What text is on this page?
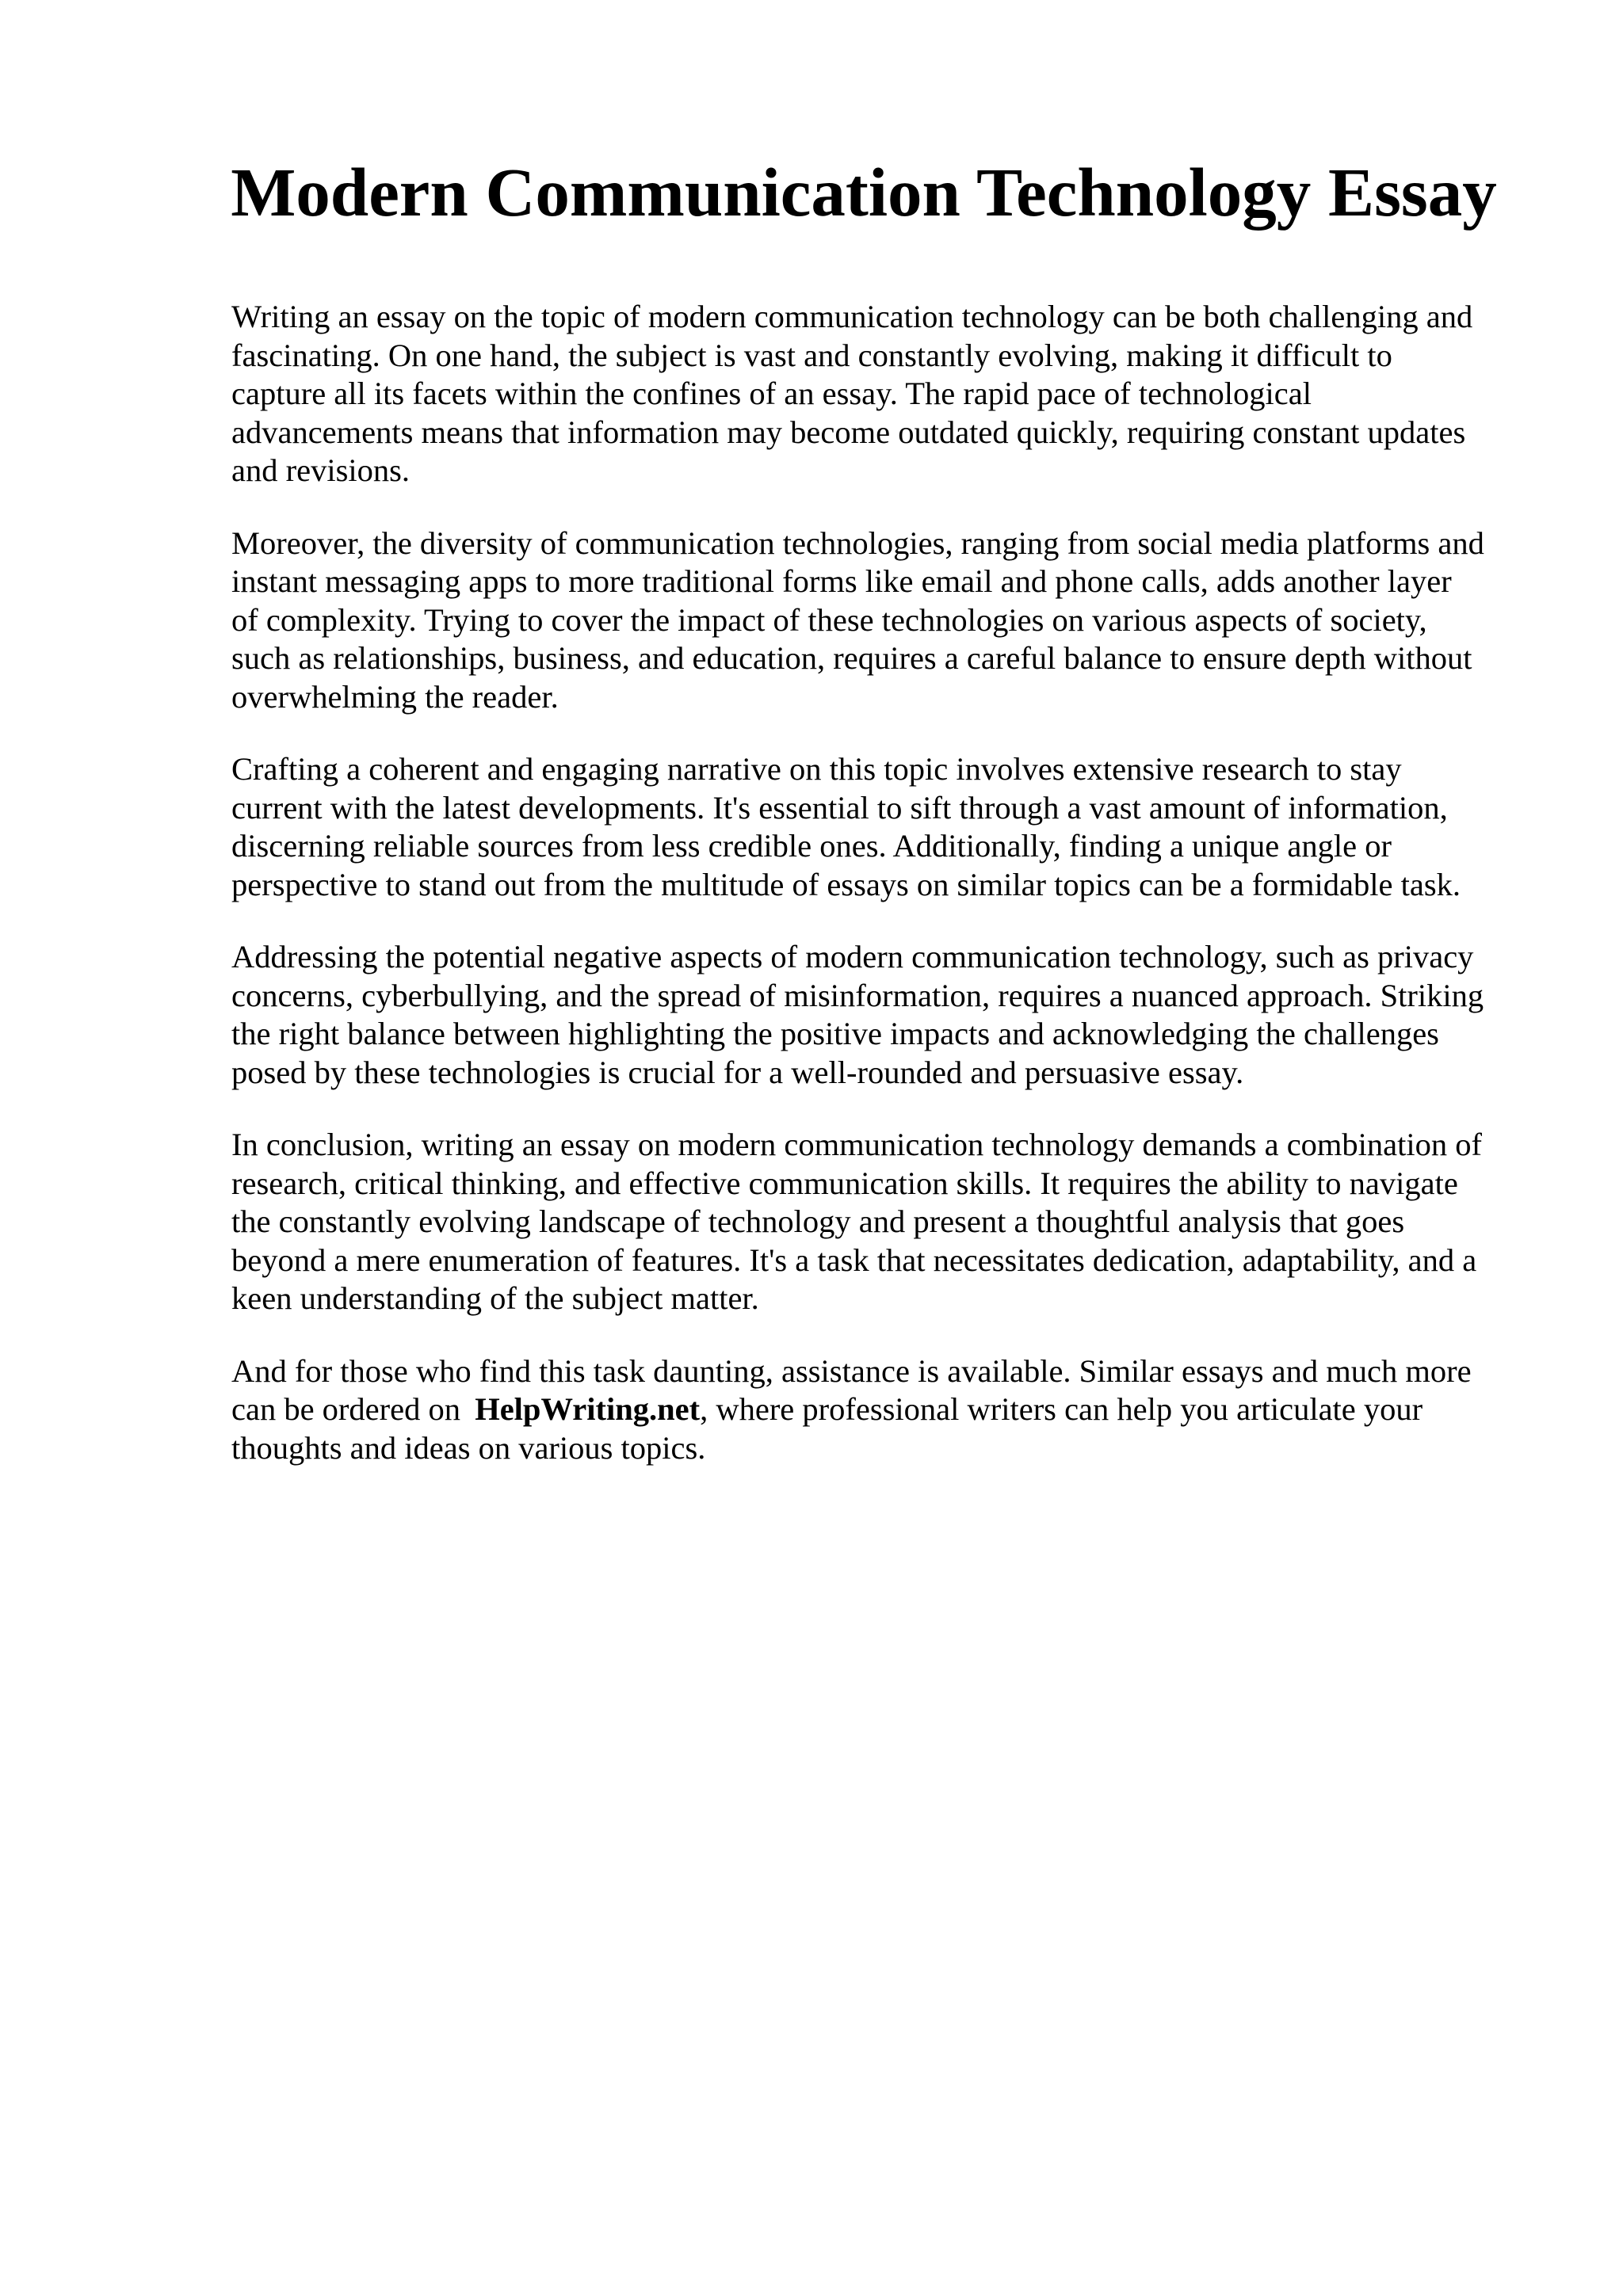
Modern Communication Technology Essay

Writing an essay on the topic of modern communication technology can be both challenging and
fascinating. On one hand, the subject is vast and constantly evolving, making it difficult to
capture all its facets within the confines of an essay. The rapid pace of technological
advancements means that information may become outdated quickly, requiring constant updates
and revisions.

Moreover, the diversity of communication technologies, ranging from social media platforms and
instant messaging apps to more traditional forms like email and phone calls, adds another layer
of complexity. Trying to cover the impact of these technologies on various aspects of society,
such as relationships, business, and education, requires a careful balance to ensure depth without
overwhelming the reader.

Crafting a coherent and engaging narrative on this topic involves extensive research to stay
current with the latest developments. It's essential to sift through a vast amount of information,
discerning reliable sources from less credible ones. Additionally, finding a unique angle or
perspective to stand out from the multitude of essays on similar topics can be a formidable task.

Addressing the potential negative aspects of modern communication technology, such as privacy
concerns, cyberbullying, and the spread of misinformation, requires a nuanced approach. Striking
the right balance between highlighting the positive impacts and acknowledging the challenges
posed by these technologies is crucial for a well-rounded and persuasive essay.

In conclusion, writing an essay on modern communication technology demands a combination of
research, critical thinking, and effective communication skills. It requires the ability to navigate
the constantly evolving landscape of technology and present a thoughtful analysis that goes
beyond a mere enumeration of features. It's a task that necessitates dedication, adaptability, and a
keen understanding of the subject matter.

And for those who find this task daunting, assistance is available. Similar essays and much more
can be ordered on HelpWriting.net, where professional writers can help you articulate your
thoughts and ideas on various topics.
